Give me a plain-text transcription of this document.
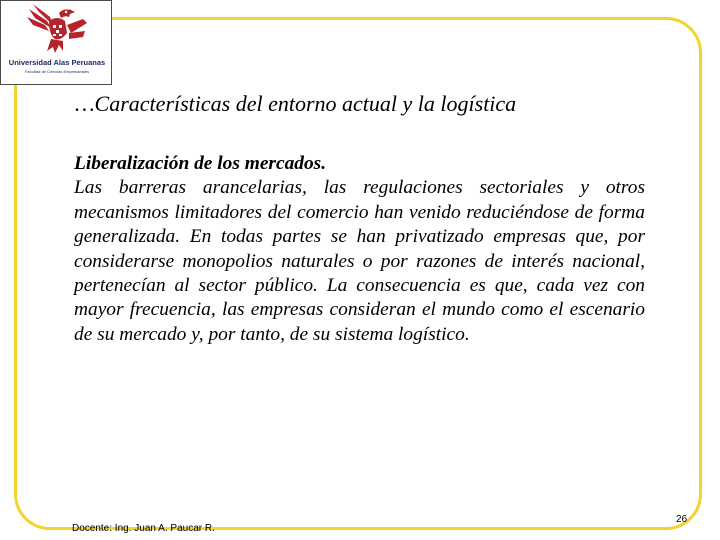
Universidad Alas Peruanas
Facultad de Ciencias Empresariales
…Características del entorno actual y la logística
Liberalización de los mercados.

Las barreras arancelarias, las regulaciones sectoriales y otros mecanismos limitadores del comercio han venido reduciéndose de forma generalizada. En todas partes se han privatizado empresas que, por considerarse monopolios naturales o por razones de interés nacional, pertenecían al sector público. La consecuencia es que, cada vez con mayor frecuencia, las empresas consideran el mundo como el escenario de su mercado y, por tanto, de su sistema logístico.

Docente: Ing. Juan A. Paucar R.
26
